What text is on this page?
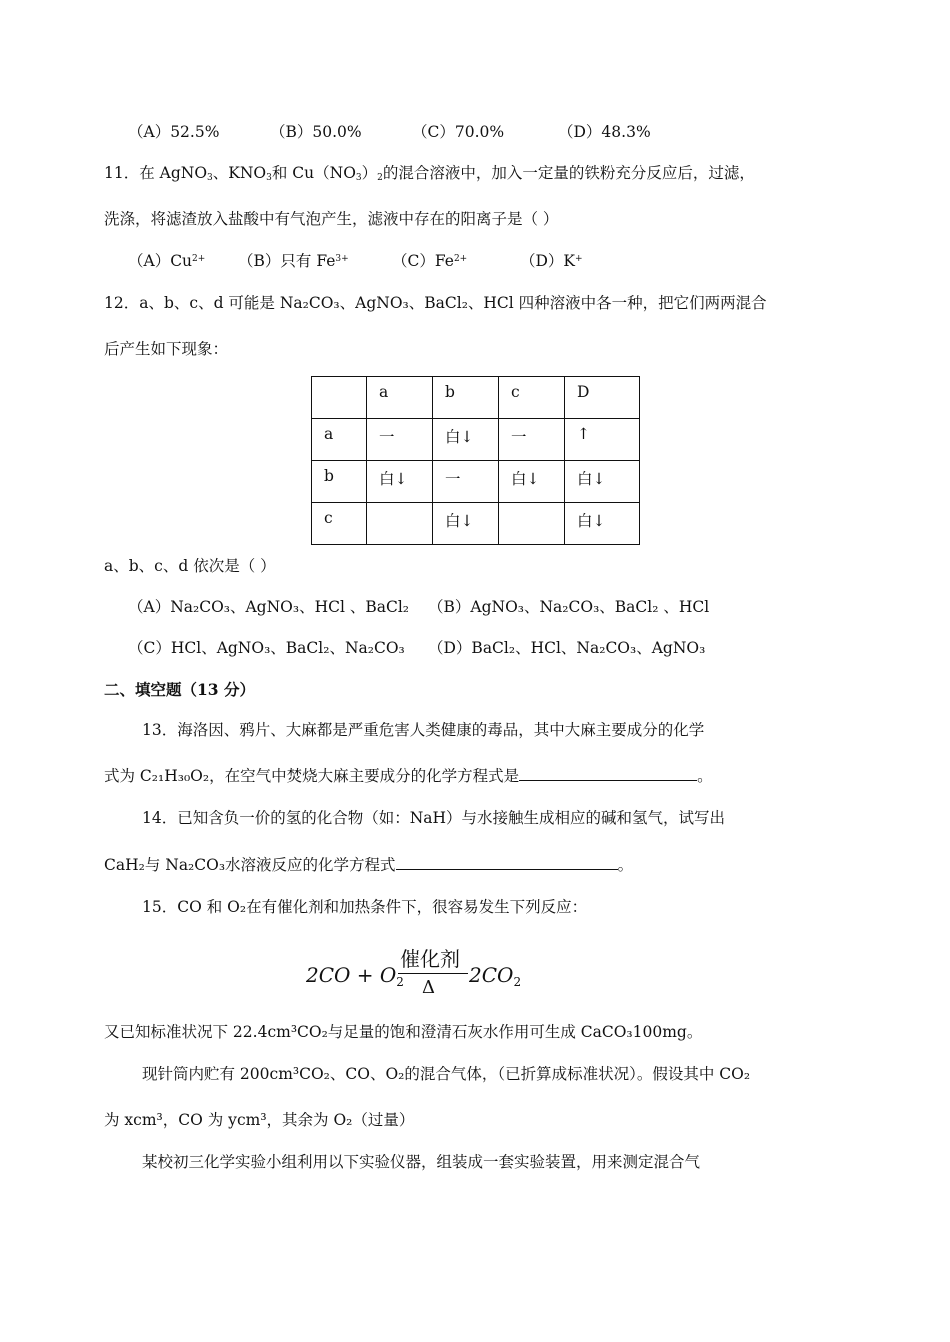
（A）52.5%	（B）50.0%	（C）70.0%	（D）48.3%
11．在 AgNO$_3$、$KNO_3$和 $Cu(NO_3)_2$的混合溶液中，加入一定量的铁粉充分反应后，过滤，
洗涤，将滤渣放入盐酸中有气泡产生，滤液中存在的阳离子是（ ）
$(A)Cu^{2+}$ （B）只有 $Fe^{3+}$	$(C)Fe^{2+}$	（D）K+
12．a、b、c、d 可能是 Na₂CO₃、AgNO₃、BaCl₂、HCl 四种溶液中各一种，把它们两两混合
后产生如下现象：
	a	b	c	D
a	一	白↓	一	↑
b	白↓	一	白↓	白↓
c		白↓		白↓
a、b、c、d 依次是（ ）
（A）Na₂CO₃、AgNO₃、HCl 、BaCl₂ （B）AgNO₃、Na₂CO₃、BaCl₂ 、HCl
（C）HCl、AgNO₃、BaCl₂、Na₂CO₃ （D）BaCl₂、HCl、Na₂CO₃、AgNO₃
二、填空题（13 分）
13．海洛因、鸦片、大麻都是严重危害人类健康的毒品，其中大麻主要成分的化学
式为 C₂₁H₃₀O₂，在空气中焚烧大麻主要成分的化学方程式是	。
14．已知含负一价的氢的化合物（如：NaH）与水接触生成相应的碱和氢气，试写出
CaH₂与 Na₂CO₃水溶液反应的化学方程式	。
15．CO 和 O₂在有催化剂和加热条件下，很容易发生下列反应：
$2CO + O_2$
催化剂
Δ
$2CO_2$
又已知标准状况下 22.4cm³CO₂与足量的饱和澄清石灰水作用可生成 CaCO₃100mg。
现针筒内贮有 200cm³CO₂、CO、O₂的混合气体，（已折算成标准状况）。假设其中 CO₂
为 xcm³，CO 为 ycm³，其余为 O₂（过量）
某校初三化学实验小组利用以下实验仪器，组装成一套实验装置，用来测定混合气
